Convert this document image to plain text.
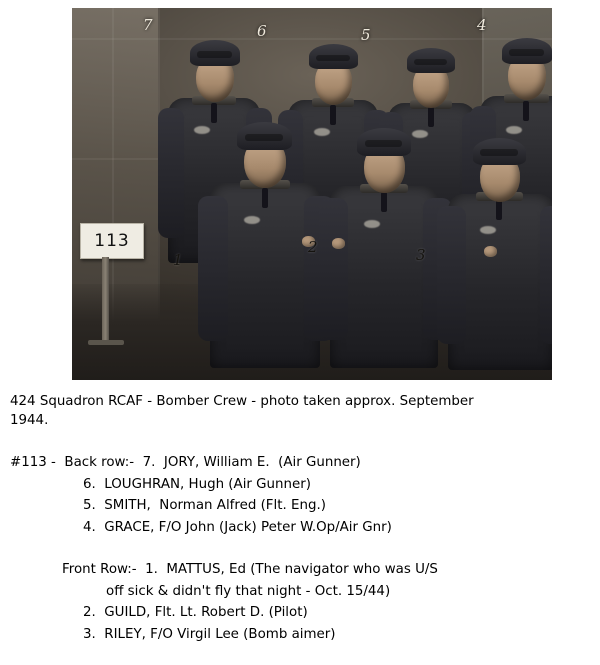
113
7	6	5
4
1
2	3
424 Squadron RCAF - Bomber Crew - photo taken approx. September
1944.
#113 -  Back row:-  7.  JORY, William E.  (Air Gunner)
6.  LOUGHRAN, Hugh (Air Gunner)
5.  SMITH,  Norman Alfred (Flt. Eng.)
4.  GRACE, F/O John (Jack) Peter W.Op/Air Gnr)
Front Row:-  1.  MATTUS, Ed (The navigator who was U/S
off sick & didn't fly that night - Oct. 15/44)
2.  GUILD, Flt. Lt. Robert D. (Pilot)
3.  RILEY, F/O Virgil Lee (Bomb aimer)
